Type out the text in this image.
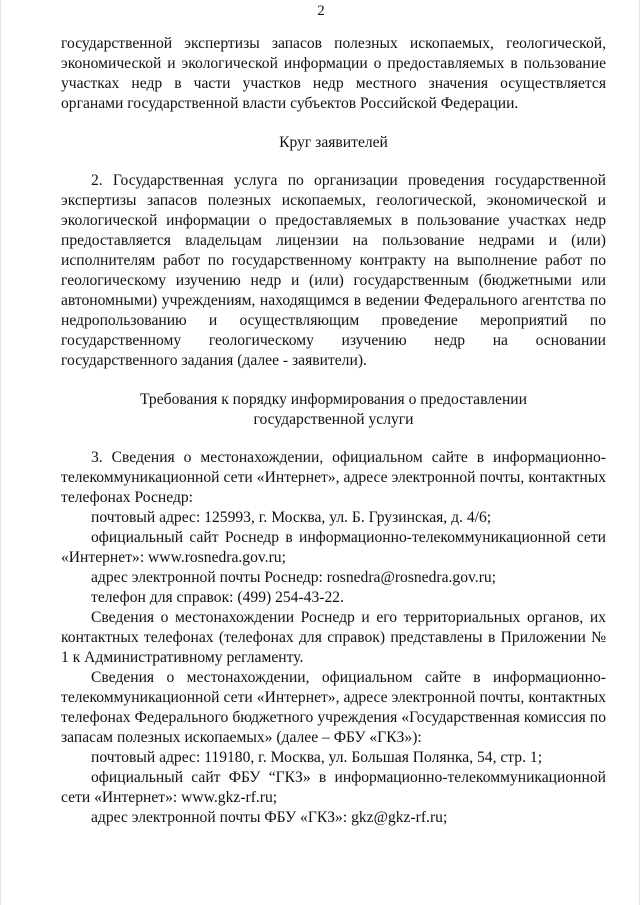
2

государственной экспертизы запасов полезных ископаемых, геологической, экономической и экологической информации о предоставляемых в пользование участках недр в части участков недр местного значения осуществляется органами государственной власти субъектов Российской Федерации.

Круг заявителей

2. Государственная услуга по организации проведения государственной экспертизы запасов полезных ископаемых, геологической, экономической и экологической информации о предоставляемых в пользование участках недр предоставляется владельцам лицензии на пользование недрами и (или) исполнителям работ по государственному контракту на выполнение работ по геологическому изучению недр и (или) государственным (бюджетными или автономными) учреждениям, находящимся в ведении Федерального агентства по недропользованию и осуществляющим проведение мероприятий по государственному геологическому изучению недр на основании государственного задания (далее - заявители).

Требования к порядку информирования о предоставлении

государственной услуги

3. Сведения о местонахождении, официальном сайте в информационно-телекоммуникационной сети «Интернет», адресе электронной почты, контактных телефонах Роснедр:

почтовый адрес: 125993, г. Москва, ул. Б. Грузинская, д. 4/6;

официальный сайт Роснедр в информационно-телекоммуникационной сети «Интернет»: www.rosnedra.gov.ru;

адрес электронной почты Роснедр: rosnedra@rosnedra.gov.ru;

телефон для справок: (499) 254-43-22.

Сведения о местонахождении Роснедр и его территориальных органов, их контактных телефонах (телефонах для справок) представлены в Приложении № 1 к Административному регламенту.

Сведения о местонахождении, официальном сайте в информационно-телекоммуникационной сети «Интернет», адресе электронной почты, контактных телефонах Федерального бюджетного учреждения «Государственная комиссия по запасам полезных ископаемых» (далее – ФБУ «ГКЗ»):

почтовый адрес: 119180, г. Москва, ул. Большая Полянка, 54, стр. 1;

официальный сайт ФБУ “ГКЗ» в информационно-телекоммуникационной сети «Интернет»: www.gkz-rf.ru;

адрес электронной почты ФБУ «ГКЗ»: gkz@gkz-rf.ru;
